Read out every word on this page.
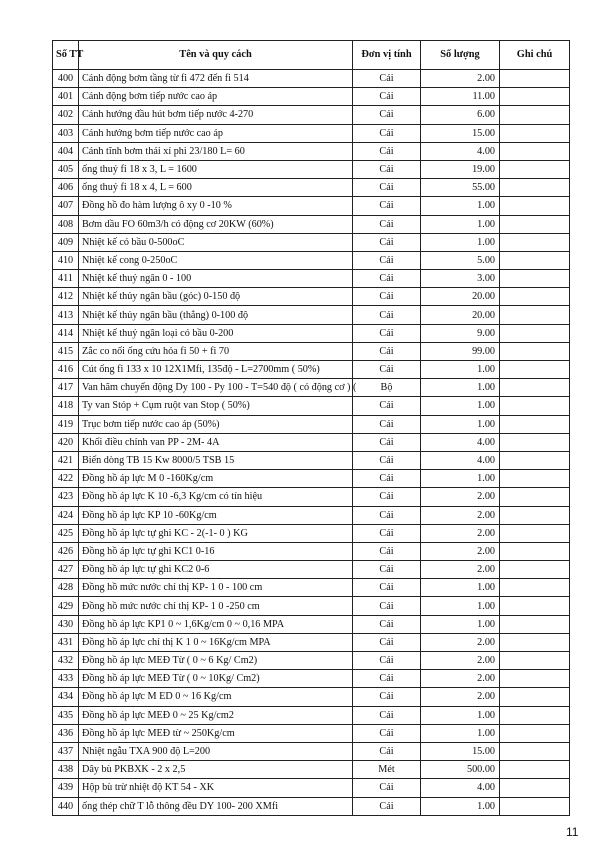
Số TT	Tên và quy cách	Đơn vị tính	Số lượng	Ghi chú
400	Cánh động bơm tầng từ fi 472 đến fi 514	Cái	2.00	
401	Cánh động bơm tiếp nước cao áp	Cái	11.00	
402	Cánh hướng đầu hút bơm tiếp nước 4-270	Cái	6.00	
403	Cánh hướng bơm tiếp nước cao áp	Cái	15.00	
404	Cánh tĩnh bơm thải xỉ phi 23/180 L= 60	Cái	4.00	
405	ống thuỷ fi 18 x 3, L = 1600	Cái	19.00	
406	ống thuỷ fi 18 x 4, L = 600	Cái	55.00	
407	Đồng hồ đo hàm lượng ô xy 0 -10 %	Cái	1.00	
408	Bơm dầu FO 60m3/h có động cơ 20KW (60%)	Cái	1.00	
409	Nhiệt kế có bầu 0-500oC	Cái	1.00	
410	Nhiệt kế cong 0-250oC	Cái	5.00	
411	Nhiệt kế thuỷ ngân 0 - 100	Cái	3.00	
412	Nhiệt kế thủy ngân bầu (góc) 0-150 độ	Cái	20.00	
413	Nhiệt kế thủy ngân bầu (thẳng) 0-100 độ	Cái	20.00	
414	Nhiệt kế thuỷ ngân loại có bầu 0-200	Cái	9.00	
415	Zắc co nối ống cứu hỏa fi 50 + fi 70	Cái	99.00	
416	Cút ống fi 133 x 10 12X1Mfi, 135độ - L=2700mm ( 50%)	Cái	1.00	
417	Van hãm chuyển động Dy 100 - Py 100 - T=540 độ ( có động cơ ) (	Bộ	1.00	
418	Ty van Stóp + Cụm ruột van Stop ( 50%)	Cái	1.00	
419	Trục bơm tiếp nước cao áp (50%)	Cái	1.00	
420	Khối điều chỉnh van PP - 2M- 4A	Cái	4.00	
421	Biến dòng TB 15 Kw 8000/5 TSB 15	Cái	4.00	
422	Đồng hồ áp lực M 0 -160Kg/cm	Cái	1.00	
423	Đồng hồ áp lực K 10 -6,3 Kg/cm có tín hiệu	Cái	2.00	
424	Đồng hồ áp lực KP 10 -60Kg/cm	Cái	2.00	
425	Đồng hồ áp lực tự ghi KC - 2(-1- 0 ) KG	Cái	2.00	
426	Đồng hồ áp lực tự ghi KC1 0-16	Cái	2.00	
427	Đồng hồ áp lực tự ghi KC2 0-6	Cái	2.00	
428	Đồng hồ mức nước chỉ thị KP- 1 0 - 100 cm	Cái	1.00	
429	Đồng hồ mức nước chỉ thị KP- 1 0 -250 cm	Cái	1.00	
430	Đồng hồ áp lực KP1 0 ~ 1,6Kg/cm 0 ~ 0,16 MPA	Cái	1.00	
431	Đồng hồ áp lực chỉ thị K 1 0 ~ 16Kg/cm MPA	Cái	2.00	
432	Đồng hồ áp lực MEĐ Từ ( 0 ~ 6 Kg/ Cm2)	Cái	2.00	
433	Đồng hồ áp lực MEĐ Từ ( 0 ~ 10Kg/ Cm2)	Cái	2.00	
434	Đồng hồ áp lực M ED 0 ~ 16 Kg/cm	Cái	2.00	
435	Đồng hồ áp lực MEĐ 0 ~ 25 Kg/cm2	Cái	1.00	
436	Đồng hồ áp lực MEĐ từ ~ 250Kg/cm	Cái	1.00	
437	Nhiệt ngẫu TXA 900 độ L=200	Cái	15.00	
438	Dây bù PKBXK - 2 x 2,5	Mét	500.00	
439	Hộp bù trừ nhiệt độ KT 54 - XK	Cái	4.00	
440	ống thép chữ T lỗ thông đều DY 100- 200 XMfi	Cái	1.00	
11
